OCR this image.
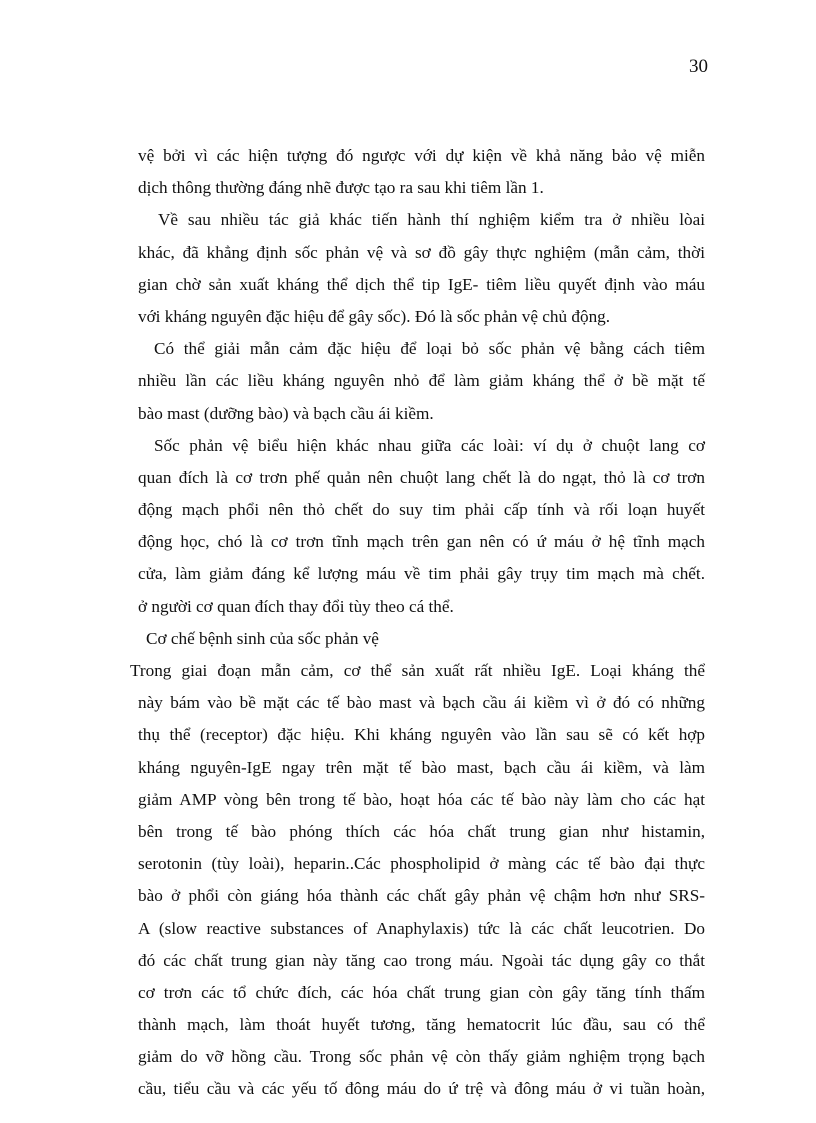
30
vệ bởi vì các hiện tượng đó ngược với dự kiện về khả năng bảo vệ miễn
dịch thông thường đáng nhẽ được tạo ra sau khi tiêm lần 1.
Về sau nhiều tác giả khác tiến hành thí nghiệm kiểm tra ở nhiều lòai
khác, đã khẳng định sốc phản vệ và sơ đồ gây thực nghiệm (mẫn cảm, thời
gian chờ sản xuất kháng thể dịch thể tip IgE- tiêm liều quyết định vào máu
với kháng nguyên đặc hiệu để gây sốc). Đó là sốc phản vệ chủ động.
Có thể giải mẫn cảm đặc hiệu để loại bỏ sốc phản vệ bằng cách tiêm
nhiều lần các liều kháng nguyên nhỏ để làm giảm kháng thể ở bề mặt tế
bào mast (dưỡng bào) và bạch cầu ái kiềm.
Sốc phản vệ biểu hiện khác nhau giữa các loài: ví dụ ở chuột lang cơ
quan đích là cơ trơn phế quản nên chuột lang chết là do ngạt, thỏ là cơ trơn
động mạch phổi nên thỏ chết do suy tim phải cấp tính và rối loạn huyết
động học, chó là cơ trơn tĩnh mạch trên gan nên có ứ máu ở hệ tĩnh mạch
cửa, làm giảm đáng kể lượng máu về tim phải gây trụy tim mạch mà chết.
ở người cơ quan đích thay đổi tùy theo cá thể.
Cơ chế bệnh sinh của sốc phản vệ
Trong giai đoạn mẫn cảm, cơ thể sản xuất rất nhiều IgE. Loại kháng thể
này bám vào bề mặt các tế bào mast và bạch cầu ái kiềm vì ở đó có những
thụ thể (receptor) đặc hiệu. Khi kháng nguyên vào lần sau sẽ có kết hợp
kháng nguyên-IgE ngay trên mặt tế bào mast, bạch cầu ái kiềm, và làm
giảm AMP vòng bên trong tế bào, hoạt hóa các tế bào này làm cho các hạt
bên trong tế bào phóng thích các hóa chất trung gian như histamin,
serotonin (tùy loài), heparin..Các phospholipid ở màng các tế bào đại thực
bào ở phổi còn giáng hóa thành các chất gây phản vệ chậm hơn như SRS-
A (slow reactive substances of Anaphylaxis) tức là các chất leucotrien. Do
đó các chất trung gian này tăng cao trong máu. Ngoài tác dụng gây co thắt
cơ trơn các tổ chức đích, các hóa chất trung gian còn gây tăng tính thấm
thành mạch, làm thoát huyết tương, tăng hematocrit lúc đầu, sau có thể
giảm do vỡ hồng cầu. Trong sốc phản vệ còn thấy giảm nghiệm trọng bạch
cầu, tiểu cầu và các yếu tố đông máu do ứ trệ và đông máu ở vi tuần hoàn,
